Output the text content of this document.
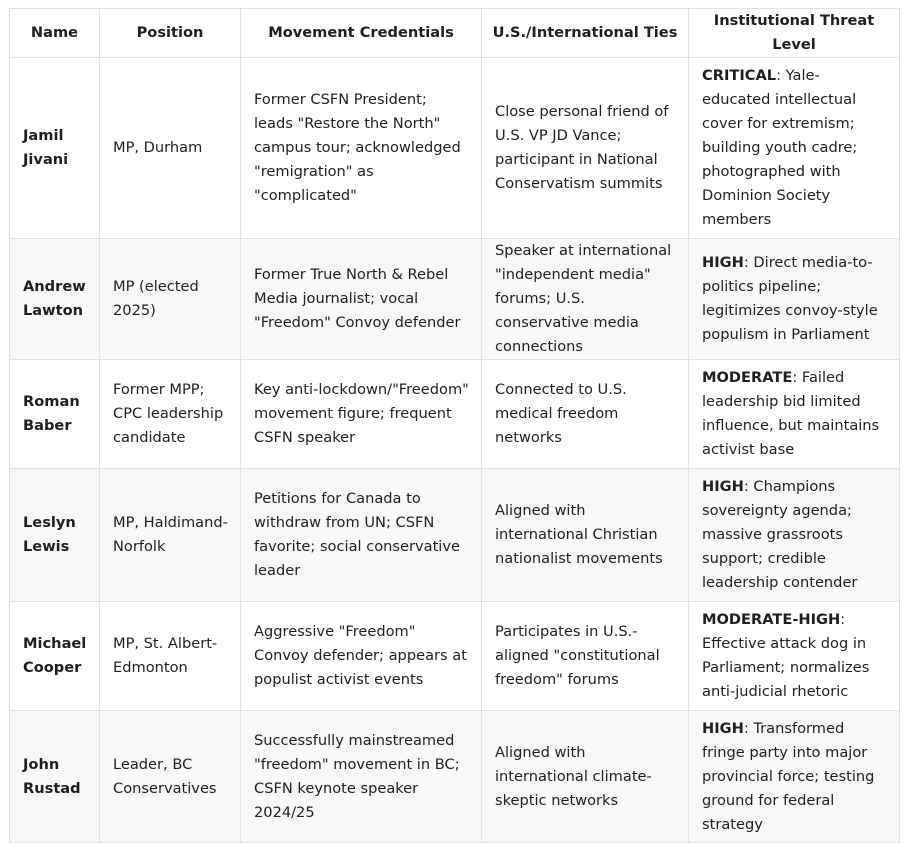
Name	Position	Movement Credentials	U.S./International Ties	Institutional Threat Level
Jamil Jivani	MP, Durham	Former CSFN President; leads "Restore the North" campus tour; acknowledged "remigration" as "complicated"	Close personal friend of U.S. VP JD Vance; participant in National Conservatism summits	CRITICAL: Yale-educated intellectual cover for extremism; building youth cadre; photographed with Dominion Society members
Andrew Lawton	MP (elected 2025)	Former True North & Rebel Media journalist; vocal "Freedom" Convoy defender	Speaker at international "independent media" forums; U.S. conservative media connections	HIGH: Direct media-to-politics pipeline; legitimizes convoy-style populism in Parliament
Roman Baber	Former MPP; CPC leadership candidate	Key anti-lockdown/"Freedom" movement figure; frequent CSFN speaker	Connected to U.S. medical freedom networks	MODERATE: Failed leadership bid limited influence, but maintains activist base
Leslyn Lewis	MP, Haldimand-Norfolk	Petitions for Canada to withdraw from UN; CSFN favorite; social conservative leader	Aligned with international Christian nationalist movements	HIGH: Champions sovereignty agenda; massive grassroots support; credible leadership contender
Michael Cooper	MP, St. Albert-Edmonton	Aggressive "Freedom" Convoy defender; appears at populist activist events	Participates in U.S.-aligned "constitutional freedom" forums	MODERATE-HIGH: Effective attack dog in Parliament; normalizes anti-judicial rhetoric
John Rustad	Leader, BC Conservatives	Successfully mainstreamed "freedom" movement in BC; CSFN keynote speaker 2024/25	Aligned with international climate-skeptic networks	HIGH: Transformed fringe party into major provincial force; testing ground for federal strategy
